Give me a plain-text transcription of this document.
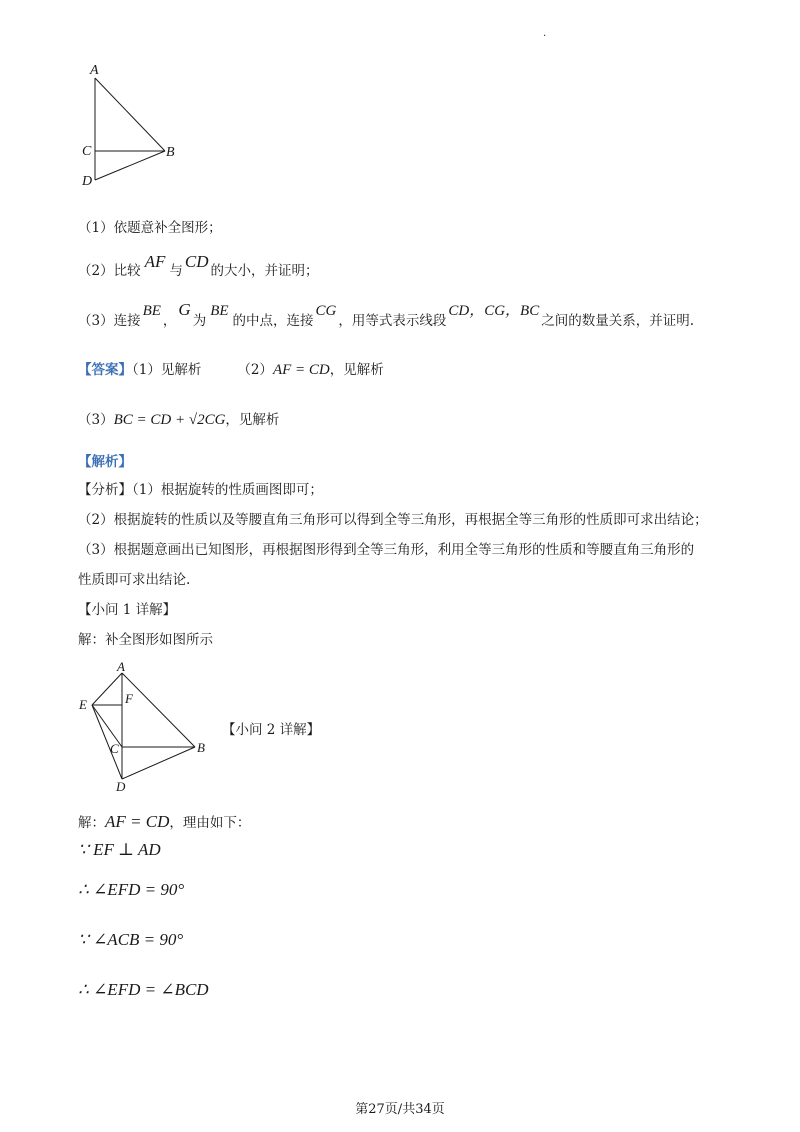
.
A
C	B
D
（1）依题意补全图形；
（2）比较 AF 与 CD 的大小，并证明；
（3）连接BE，G为BE的中点，连接CG，用等式表示线段CD，CG，BC之间的数量关系，并证明.
【答案】（1）见解析	（2）AF = CD，见解析
（3）BC = CD + √2CG，见解析
【解析】
【分析】（1）根据旋转的性质画图即可；
（2）根据旋转的性质以及等腰直角三角形可以得到全等三角形，再根据全等三角形的性质即可求出结论；
（3）根据题意画出已知图形，再根据图形得到全等三角形，利用全等三角形的性质和等腰直角三角形的
性质即可求出结论.
【小问 1 详解】
解：补全图形如图所示
A
E	F
C	B
D
【小问 2 详解】
解：AF = CD，理由如下：
∵ EF ⊥ AD
∴ ∠EFD = 90°
∵ ∠ACB = 90°
∴ ∠EFD = ∠BCD
第27页/共34页
